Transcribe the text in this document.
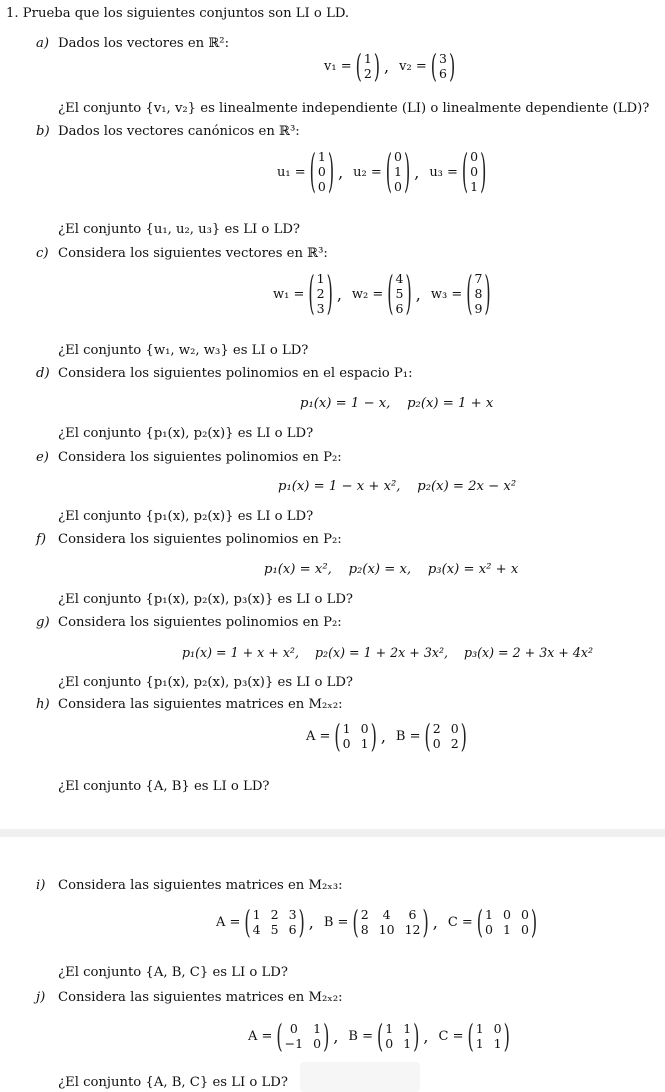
1. Prueba que los siguientes conjuntos son LI o LD.
a) Dados los vectores en ℝ²:
v₁ = ( 1
2 ) , v₂ = ( 3
6 )
¿El conjunto {v₁, v₂} es linealmente independiente (LI) o linealmente dependiente (LD)?
b) Dados los vectores canónicos en ℝ³:
u₁ = ( 1
0
0 ) , u₂ = ( 0
1
0 ) , u₃ = ( 0
0
1 )
¿El conjunto {u₁, u₂, u₃} es LI o LD?
c) Considera los siguientes vectores en ℝ³:
w₁ = ( 1
2
3 ) , w₂ = ( 4
5
6 ) , w₃ = ( 7
8
9 )
¿El conjunto {w₁, w₂, w₃} es LI o LD?
d) Considera los siguientes polinomios en el espacio P₁:
p₁(x) = 1 − x,    p₂(x) = 1 + x
¿El conjunto {p₁(x), p₂(x)} es LI o LD?
e) Considera los siguientes polinomios en P₂:
p₁(x) = 1 − x + x²,    p₂(x) = 2x − x²
¿El conjunto {p₁(x), p₂(x)} es LI o LD?
f) Considera los siguientes polinomios en P₂:
p₁(x) = x²,    p₂(x) = x,    p₃(x) = x² + x
¿El conjunto {p₁(x), p₂(x), p₃(x)} es LI o LD?
g) Considera los siguientes polinomios en P₂:
p₁(x) = 1 + x + x²,    p₂(x) = 1 + 2x + 3x²,    p₃(x) = 2 + 3x + 4x²
¿El conjunto {p₁(x), p₂(x), p₃(x)} es LI o LD?
h) Considera las siguientes matrices en M₂ₓ₂:
A = ( 1 0
0 1 ) , B = ( 2 0
0 2 )
¿El conjunto {A, B} es LI o LD?
i) Considera las siguientes matrices en M₂ₓ₃:
A = ( 1 2 3
4 5 6 ) , B = ( 2	4	6
8 10 12 ) , C = ( 1 0 0
0 1 0 )
¿El conjunto {A, B, C} es LI o LD?
j) Considera las siguientes matrices en M₂ₓ₂:
A = ( 0	1
−1 0 ) , B = ( 1 1
0 1 ) , C = ( 1 0
1 1 )
¿El conjunto {A, B, C} es LI o LD?
